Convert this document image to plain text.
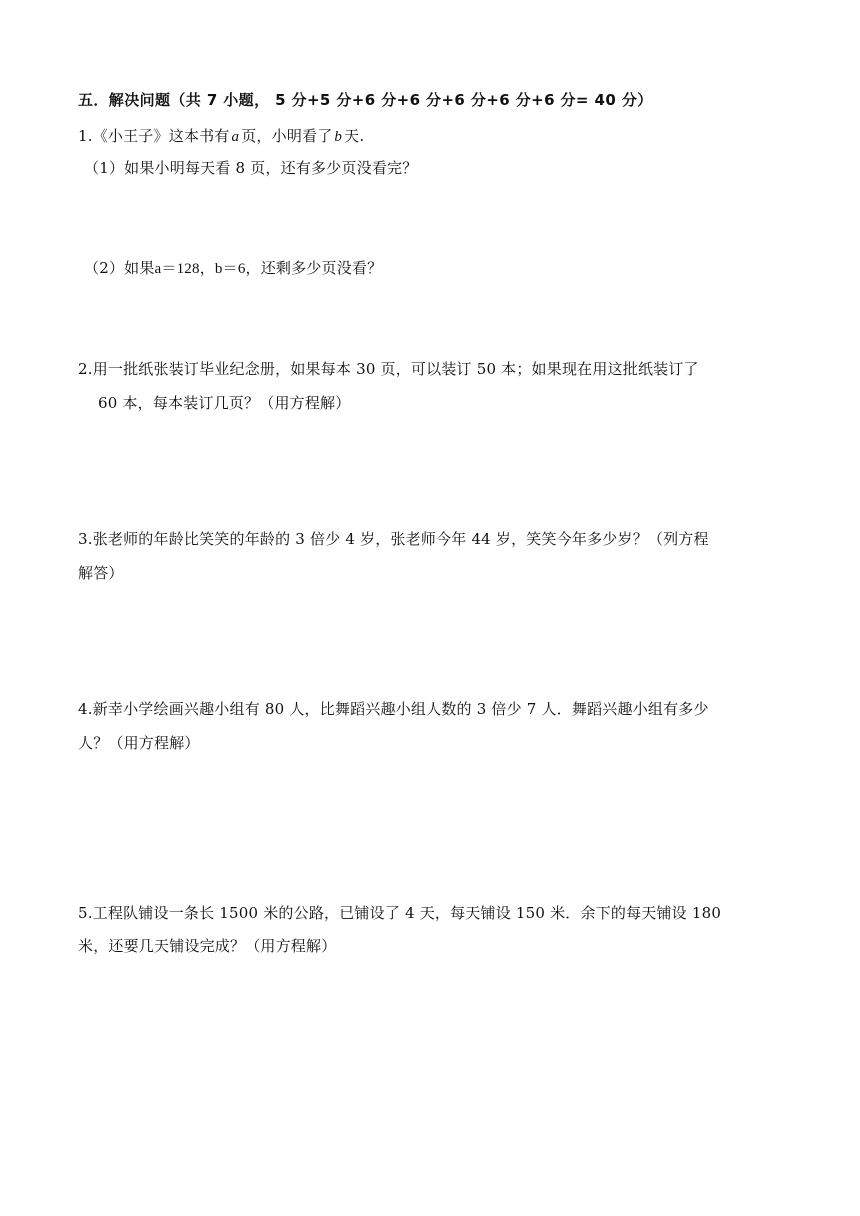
五．解决问题（共 7 小题， 5 分+5 分+6 分+6 分+6 分+6 分+6 分= 40 分）
1.《小王子》这本书有 a 页，小明看了 b 天.
（1）如果小明每天看 8 页，还有多少页没看完？
（2）如果a＝128，b＝6，还剩多少页没看？
2.用一批纸张装订毕业纪念册，如果每本 30 页，可以装订 50 本；如果现在用这批纸装订了
60 本，每本装订几页？（用方程解）
3.张老师的年龄比笑笑的年龄的 3 倍少 4 岁，张老师今年 44 岁，笑笑今年多少岁？（列方程
解答）
4.新幸小学绘画兴趣小组有 80 人，比舞蹈兴趣小组人数的 3 倍少 7 人．舞蹈兴趣小组有多少
人？（用方程解）
5.工程队铺设一条长 1500 米的公路，已铺设了 4 天，每天铺设 150 米．余下的每天铺设 180
米，还要几天铺设完成？（用方程解）
